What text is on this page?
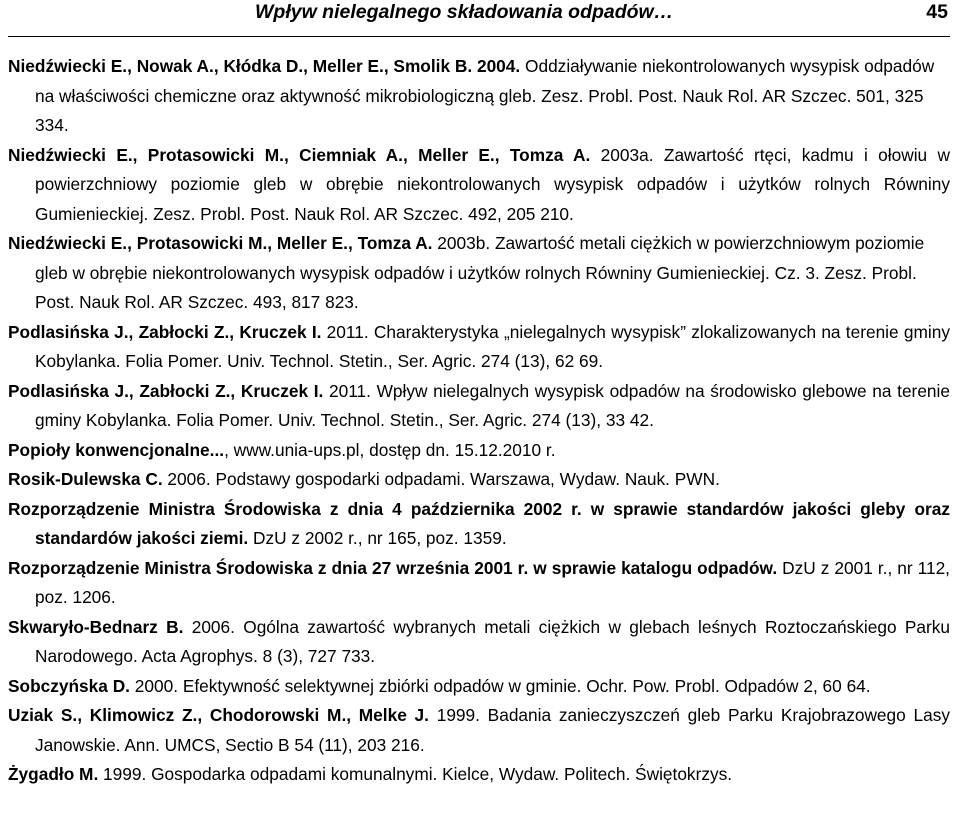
Wpływ nielegalnego składowania odpadów…	45

Niedźwiecki E., Nowak A., Kłódka D., Meller E., Smolik B. 2004. Oddziaływanie niekontrolowanych wysypisk odpadów na właściwości chemiczne oraz aktywność mikrobiologiczną gleb. Zesz. Probl. Post. Nauk Rol. AR Szczec. 501, 325 334.

Niedźwiecki E., Protasowicki M., Ciemniak A., Meller E., Tomza A. 2003a. Zawartość rtęci, kadmu i ołowiu w powierzchniowy poziomie gleb w obrębie niekontrolowanych wysypisk odpadów i użytków rolnych Równiny Gumienieckiej. Zesz. Probl. Post. Nauk Rol. AR Szczec. 492, 205 210.

Niedźwiecki E., Protasowicki M., Meller E., Tomza A. 2003b. Zawartość metali ciężkich w powierzchniowym poziomie gleb w obrębie niekontrolowanych wysypisk odpadów i użytków rolnych Równiny Gumienieckiej. Cz. 3. Zesz. Probl. Post. Nauk Rol. AR Szczec. 493, 817 823.

Podlasińska J., Zabłocki Z., Kruczek I. 2011. Charakterystyka „nielegalnych wysypisk” zlokalizowanych na terenie gminy Kobylanka. Folia Pomer. Univ. Technol. Stetin., Ser. Agric. 274 (13), 62 69.

Podlasińska J., Zabłocki Z., Kruczek I. 2011. Wpływ nielegalnych wysypisk odpadów na środowisko glebowe na terenie gminy Kobylanka. Folia Pomer. Univ. Technol. Stetin., Ser. Agric. 274 (13), 33 42.

Popioły konwencjonalne..., www.unia-ups.pl, dostęp dn. 15.12.2010 r.

Rosik-Dulewska C. 2006. Podstawy gospodarki odpadami. Warszawa, Wydaw. Nauk. PWN.

Rozporządzenie Ministra Środowiska z dnia 4 października 2002 r. w sprawie standardów jakości gleby oraz standardów jakości ziemi. DzU z 2002 r., nr 165, poz. 1359.

Rozporządzenie Ministra Środowiska z dnia 27 września 2001 r. w sprawie katalogu odpadów. DzU z 2001 r., nr 112, poz. 1206.

Skwaryło-Bednarz B. 2006. Ogólna zawartość wybranych metali ciężkich w glebach leśnych Roztoczańskiego Parku Narodowego. Acta Agrophys. 8 (3), 727 733.

Sobczyńska D. 2000. Efektywność selektywnej zbiórki odpadów w gminie. Ochr. Pow. Probl. Odpadów 2, 60 64.

Uziak S., Klimowicz Z., Chodorowski M., Melke J. 1999. Badania zanieczyszczeń gleb Parku Krajobrazowego Lasy Janowskie. Ann. UMCS, Sectio B 54 (11), 203 216.

Żygadło M. 1999. Gospodarka odpadami komunalnymi. Kielce, Wydaw. Politech. Świętokrzys.
